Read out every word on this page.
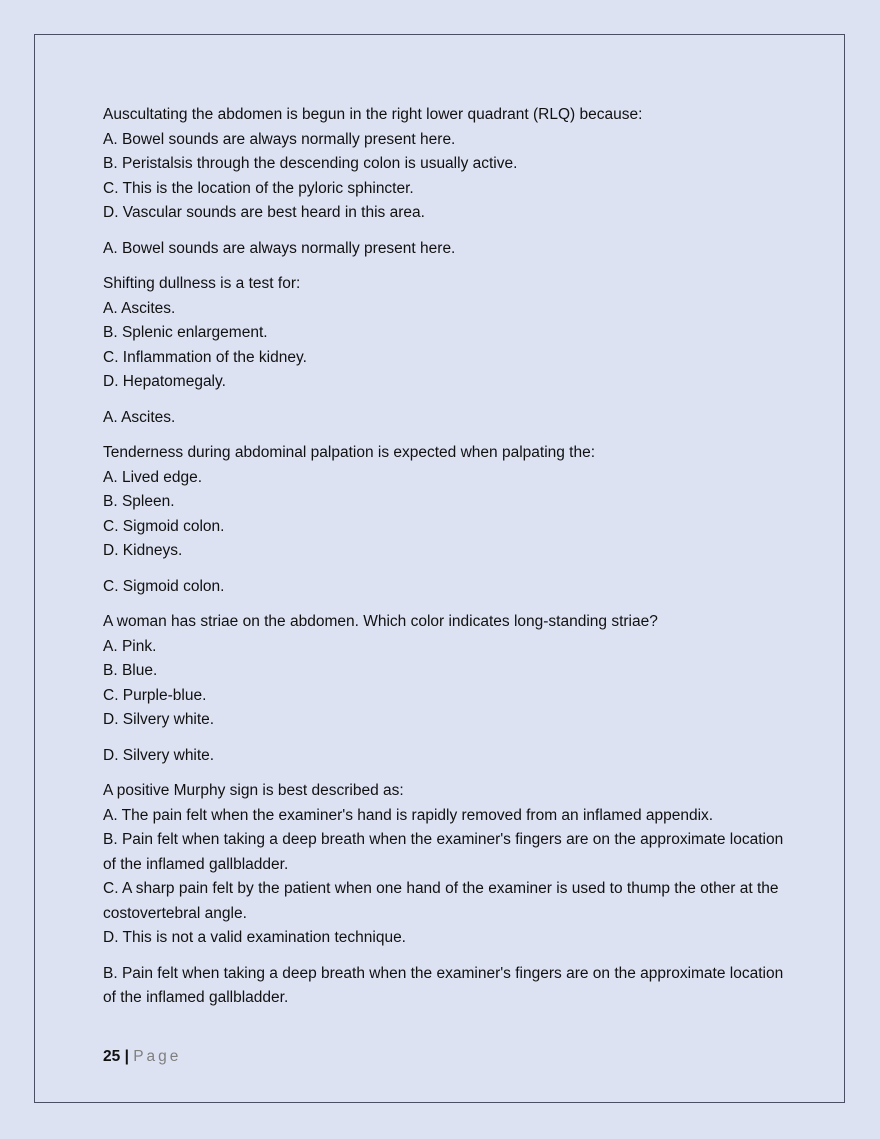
Auscultating the abdomen is begun in the right lower quadrant (RLQ) because:
A. Bowel sounds are always normally present here.
B. Peristalsis through the descending colon is usually active.
C. This is the location of the pyloric sphincter.
D. Vascular sounds are best heard in this area.
A. Bowel sounds are always normally present here.
Shifting dullness is a test for:
A. Ascites.
B. Splenic enlargement.
C. Inflammation of the kidney.
D. Hepatomegaly.
A. Ascites.
Tenderness during abdominal palpation is expected when palpating the:
A. Lived edge.
B. Spleen.
C. Sigmoid colon.
D. Kidneys.
C. Sigmoid colon.
A woman has striae on the abdomen. Which color indicates long-standing striae?
A. Pink.
B. Blue.
C. Purple-blue.
D. Silvery white.
D. Silvery white.
A positive Murphy sign is best described as:
A. The pain felt when the examiner's hand is rapidly removed from an inflamed appendix.
B. Pain felt when taking a deep breath when the examiner's fingers are on the approximate location of the inflamed gallbladder.
C. A sharp pain felt by the patient when one hand of the examiner is used to thump the other at the costovertebral angle.
D. This is not a valid examination technique.
B. Pain felt when taking a deep breath when the examiner's fingers are on the approximate location of the inflamed gallbladder.
25 | Page
